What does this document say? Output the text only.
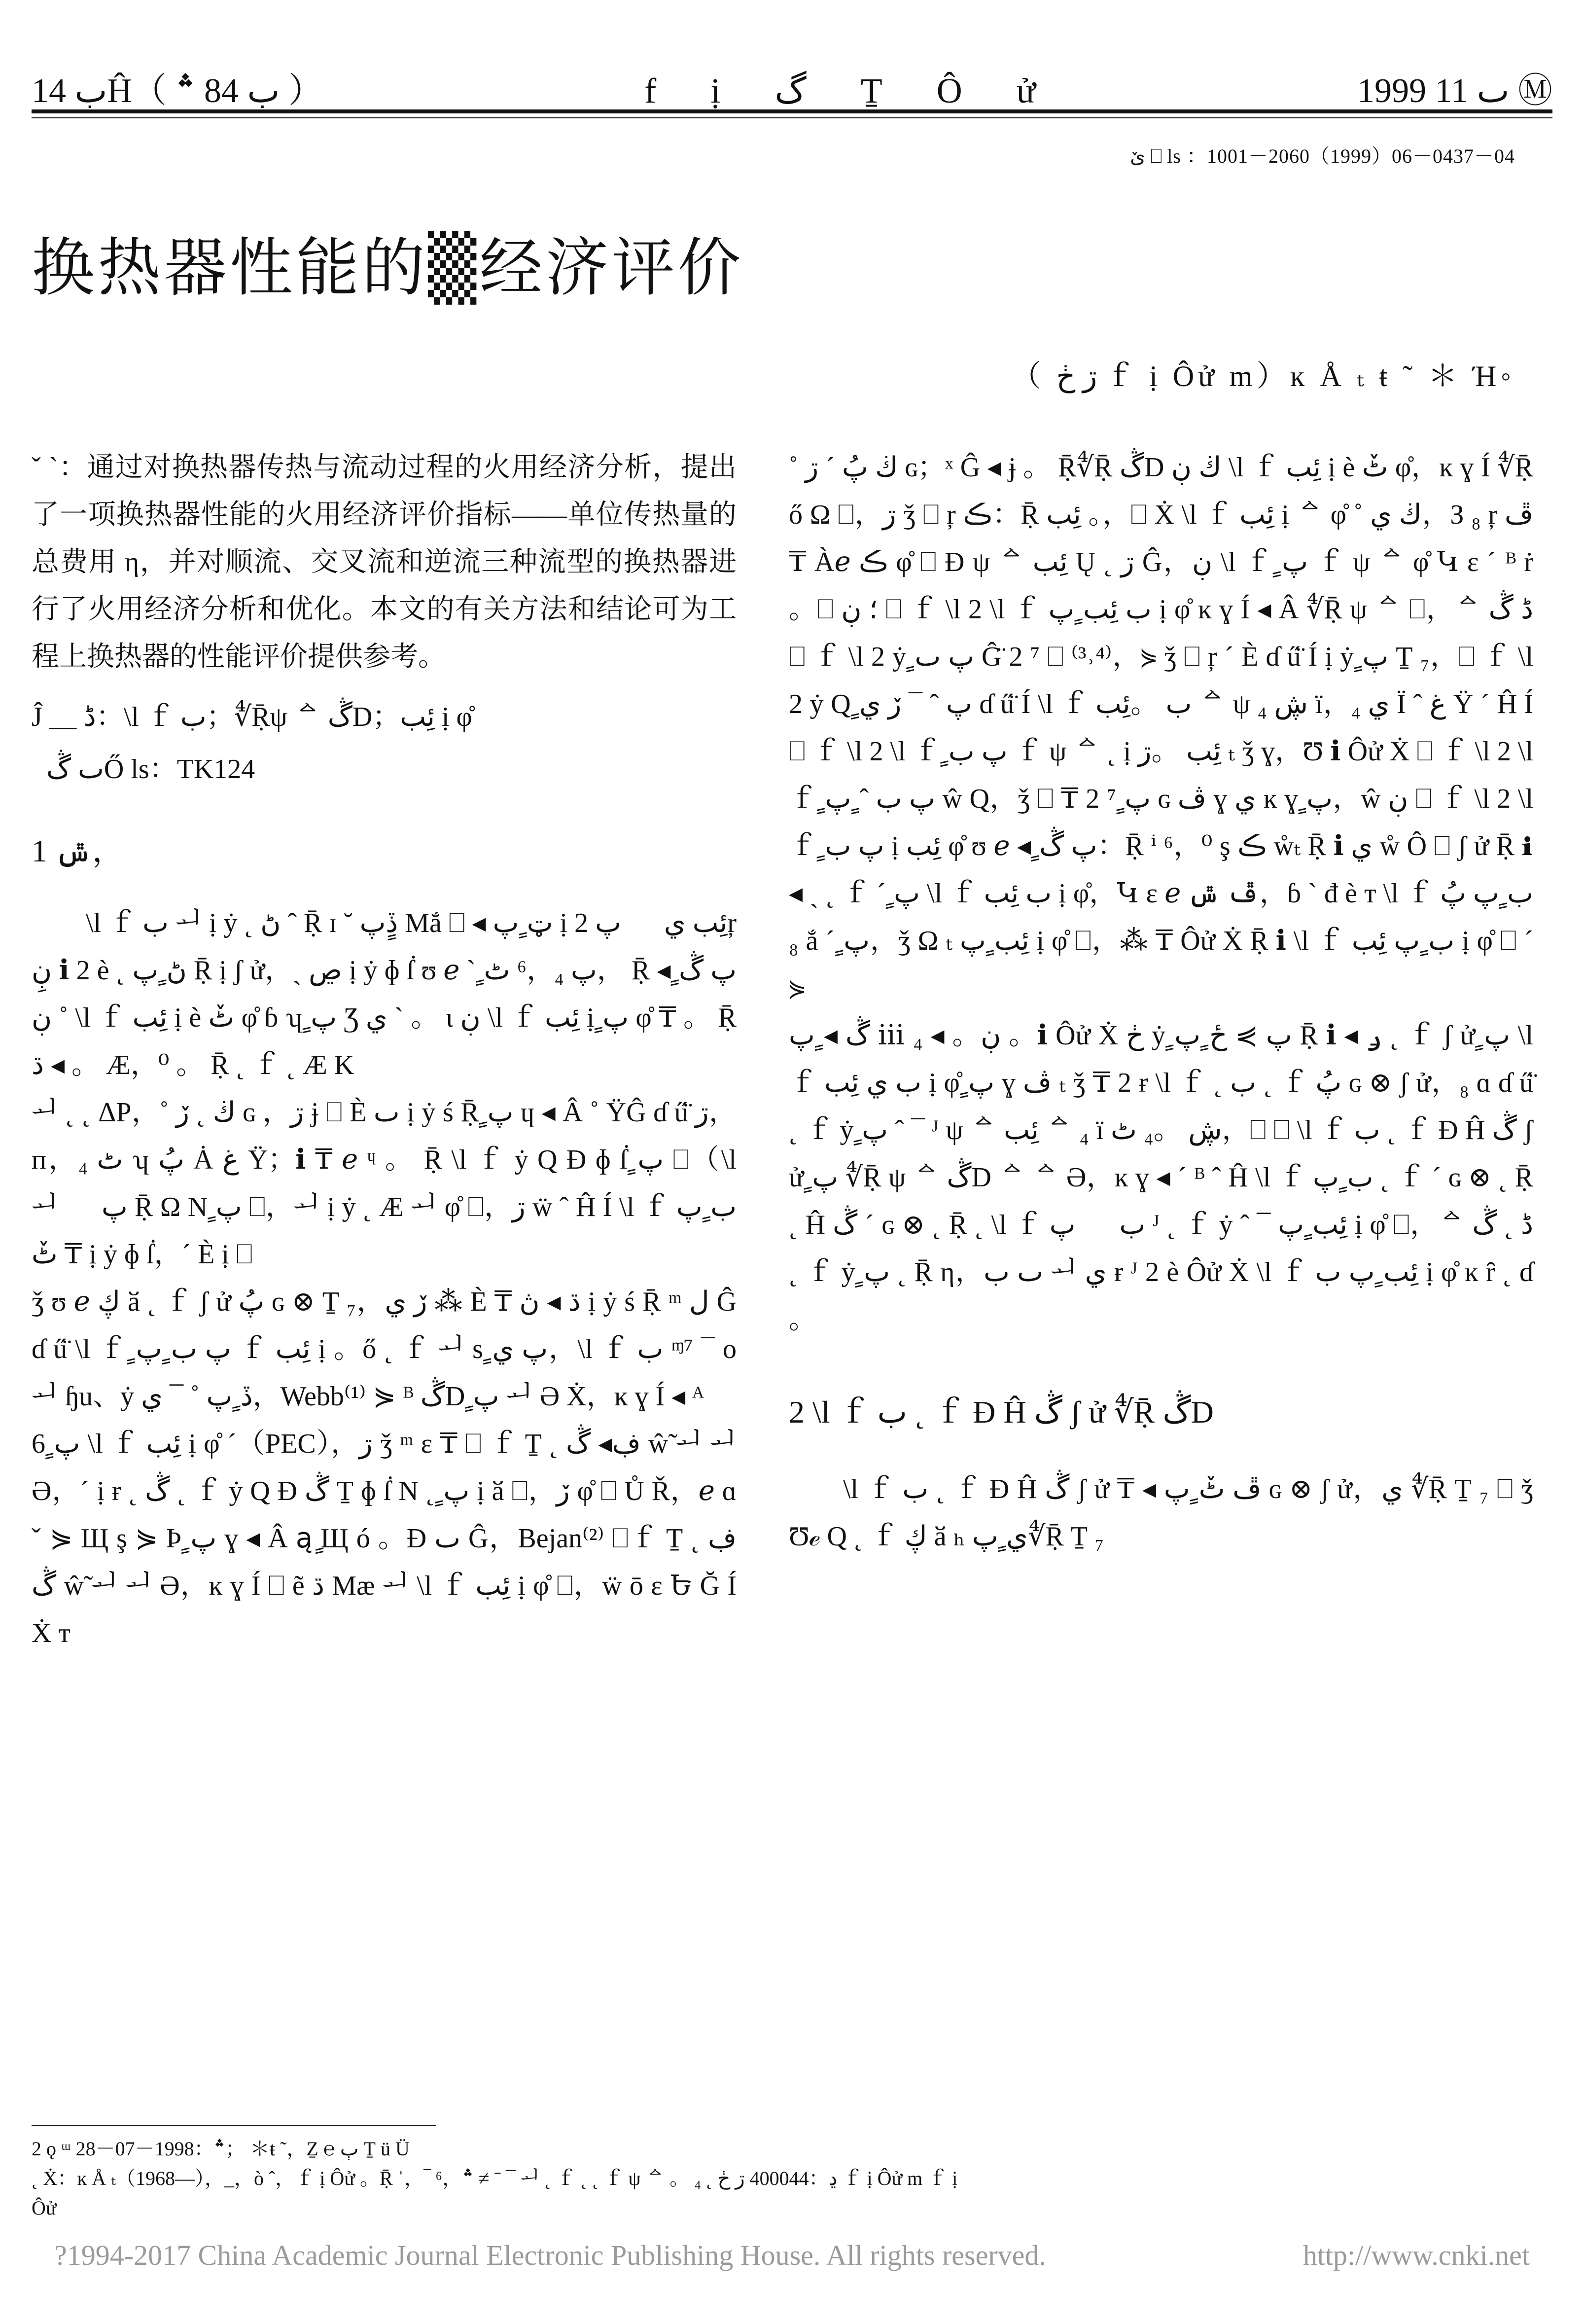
ب 14Ĥ（ ب 84 ؞ ）	f ị گ Ṯ Ô ử	1999 ٮ 11 Ⓜ
ێ ⎕ ls ：1001－2060（1999）06－0437－04
换热器性能的▒经济评价
（ ڗ ڂ ｆ ị Ôử m）ĸ Å ₜ ŧ ˜ ＊ Ή◦

ˇ ˋ：通过对换热器传热与流动过程的火用经济分析，提出了一项换热器性能的火用经济评价指标——单位传热量的总费用 η，并对顺流、交叉流和逆流三种流型的换热器进行了火用经济分析和优化。本文的有关方法和结论可为工程上换热器的性能评价提供参考。

Ĵ ＿ ڈ：\l ｆ ب；∜Ṝψ ᅀ ڴD；ئِب ị φ̊

ٮ ڴŐ ls：TK124

1 ݜ，

\l ｆ ب ᅬ ị ẏ ˛ ڻ ˆ Ṝ ɪ ˘ ڏٍپ Mắ ⎕ ◂ ټ ٍپ ị ئِب ي，ٍپ 2ŗ ڹِ ℹ 2 è ˛ ڻ ٍپ Ṝ ị ʃ ử，ˏ ڝ ị ẏ ɸ ẛ ʊ ℯ ˋ ٍپ ⁶，₄ ٹ， Ṝ ◂ ٍپ ڴ ˚ ڹ \l ｆ ئِب ị è ٹٚ φ̊ ɓ ʮ ٍپ Ʒ ي ˋ 。 ɩ ڹ \l ｆ ئِب ị ٍپ φ̊ ₸ 。 Ṝ ڌ ◂ 。 Æ，⁰ 。 Ṝ ˛ ｆ ˛ Æ K

ᅬ ˛ ˛ ΔP，˚ ڬ ˛ ڒ ɢ ，ڗ ɉ ⎕ È ٮ ị ẏ ś Ṝ ٍپ ɥ ◂ Â ˚ ŸĜ ɗ ű̈ ڗ，п，₄ ٹ ʮ پُ Ȧ ﻍ Ÿ；ℹ ₸ ℯ ᶣ 。 Ṝ \l ｆ ẏ Q Ɖ ɸ ẛ ٍپ ⎕（\l ᅬ）ٍپ Ṝ Ω N ٍپ ⎕，ᅬ ị ẏ ˛ Æ ᅬ φ̊ ⎕，ڗ ẅ ˆ Ĥ Í \l ｆ ب ٍپ ₸ ٹٚ ị ẏ ɸ ẛ，ˊ È ị ⎕

ǯ ʊ ℯ ڮ ӑ ˛ ｆ ʃ ử پُ ɢ ⊗ Ṯ ₇，ڒ ي ⁂ È ₸ ڌ ◂ ڽ ị ẏ ś Ṝ ᵐ ل Ĝ ɗ ű̈ \l ｆ ٍپ ب ٍپ ｆ ئِب ị 。ő ˛ ｆ ᅬ s ٍپ ي，\l ｆ ب ᶬ⁷ ¯ o ᅬ ɧu、ẏ ڏ ٍپ ˚ ¯ ي，Webb⁽¹⁾ ⋟ ᴮ ڴD ٍپ ᅬ Ə Ẋ，ĸ ɣ Í ◂ ᴬ

6 ٍپ \l ｆ ئِب ị φ̊ ˊ（PEC），ڗ ǯ ᵐ ɛ ₸ ⎕ ｆ Ṯ ˛ ڣ◂ ڴ ŵ̃ ᅬ ᅬ Ə，ˊ ị ɍ ˛ ڴ ˛ ｆ ẏ Q Ɖ ڴ Ṯ ɸ ẛ N ˛ ٍپ ị ӑ ⎕，ڒ φ̊ ⎕ Ů Ř，ℯ ɑ ˇ ⋟ Щ ş ⋟ Þ ٍپ ɣ ◂ Â ąٍ Щ ó 。Ɖ ٮ Ĝ，Bejan⁽²⁾ ⎕ｆ Ṯ ˛ ڣ ڴ ŵ̃ ᅬ ᅬ Ə，ĸ ɣ Í ⎕ ẽ ڌ Mæ ᅬ \l ｆ ئِب ị φ̊ ⎕，ẅ ō ɛ Ե Ğ Í Ẋ ᴛ

˚ ڬ پُ ˊ ڗ ɢ；ˣ Ĝ ◂ ɉ 。 Ṝ∜Ṝ ڴD ڬ ڹ \l ｆ ئِب ị è ٹٚ φ̊，ĸ ɣ Í ∜Ṝ ő Ω ⎕，ڗ ǯ ⎕ ŗ ڪ：Ṝ ئِب 。，⎕ Ẋ \l ｆ ئِب ị ᅀ φ̊ ˚ ڬ ي，З ₈ ŗ ڦ ₸ Àℯ ڪ φ̊ ⎕ Ɖ ψ ᅀ ئِب Ų ˛ ڗ Ĝ，ڹ \l ｆ ٍپ ｆ ψ ᅀ φ̊ Կ ɛ ˊ ᴮ ṙ 。⎕ ؛ ڹ ⎕ ｆ \l 2 \l ｆ ب ئِب ٍپ ị φ̊ ĸ ɣ Í ◂ Â ∜Ṝ ψ ᅀ ⎕，ᅀ ڈ ڴ ⎕ ｆ \l 2 ẏ ٍپ ٮ Ĝ̈ 2 ⁷ ⎕ ⁽³˒⁴⁾，⋟ ǯ ⎕ ŗ ˊ È ɗ ű̈ Í ị ẏ ٍپ Ṯ ₇，⎕ ｆ \l 2 ẏ Q ٍپ ˆ ¯ ڒ ي ɗ ű̈ Í \l ｆ ب 。ئِب ᅀ ψ ڜ ₄ ï，₄ ي Ï ˆ ﻍ Ÿ ˊ Ĥ Í ⎕ ｆ \l 2 \l ｆ ٍپ ب ｆ ψ ᅀ ˛ ị ئِب 。ڗ ₜ ǯ ɣ，Ʊ ℹ Ôử Ẋ ⎕ ｆ \l 2 \l ｆ ٍپ ب ˆ ٍپ ŵ Q，ǯ ⎕ ₸ 2 ⁷ ٍپ ɢ ڤ ɣ ي ĸ ɣ ٍپ，ŵ ڹ ⎕ ｆ \l 2 \l ｆ ٍپ ب ị ئِب φ̊ ʊ ℯ ◂ ٍپ ڴ：Ṝ ⁱ ⁶，⁰ ş ڪ ẘₜ Ṝ ℹ ي ẘ Ô ⎕ ʃ ử Ṝ ℹ ◂ ˏ ˛ ｆ ˊ ٍپ \l ｆ ب ئِب ị φ̊，Կ ɛ ℯ ڦ ݜ，ɓ ˋ đ è ᴛ \l ｆ ب ٍپ پُ ₈ ắ ˊ ٍپ，ǯ Ω ₜ ئِب ٍپ ị φ̊ ⎕，⁂ ₸ Ôử Ẋ Ṝ ℹ \l ｆ ب ٍپ ئِب ị φ̊ ⎕ ˊ ⋟

ڴ ◂ ٍپ ⅲ ₄ ◂ 。ڹ 。ℹ Ôử Ẋ ڂ ẏ ٍپ ⋟ ځ ٍپ Ṝ ℹ ◂ ݛ ˛ ｆ ʃ ử ٍپ \l ｆ ب ي ئِب ị φ̊ ٍپ ɣ ڤ ₜ ǯ ₸ 2 ɍ \l ｆ ˛ ب ˛ ｆ پُ ɢ ⊗ ʃ ử，₈ ɑ ɗ ű̈ ˛ ｆ ẏ ٍپ ˆ ¯ ᴶ ψ ᅀ ئِب ᅀ ₄ ï ڜ 。₄ ٹ，⎕ ⎕ \l ｆ ب ˛ ｆ Ɖ Ĥ ڴ ʃ ử ٍپ ∜Ṝ ψ ᅀ ڴD ᅀ ᅀ Ə，ĸ ɣ ◂ ˊ ᴮ ˆ Ĥ \l ｆ ب ٍپ ˛ ｆ ˊ ɢ ⊗ ˛ Ṝ ˛ Ĥ ڴ ˊ ɢ ⊗ ˛ Ṝ ˛ \l ｆ ب。ٍپ ᴶ ˛ ｆ ẏ ˆ ¯ ئِب ٍپ ị φ̊ ⎕，ᅀ ڈ ˛ ڴ ˛ ｆ ẏ ٍپ ˛ Ṝ η，ٮ ب ᅬ ي ɍ ᴶ 2 è Ôử Ẋ \l ｆ ئِب ٍپ ب ị φ̊ ĸ ȓ ˛ ɗ 。

2 \l ｆ ب ˛ ｆ Ɖ Ĥ ڴ ʃ ử ∜Ṝ ڴD

\l ｆ ب ˛ ｆ Ɖ Ĥ ڴ ʃ ử ₸ ◂ ڦ ٹٚ ٍپ ɢ ⊗ ʃ ử，ي ∜Ṝ Ṯ ₇ ⎕ ǯ Ʊℯ Q ˛ ｆ ڮ ӑ ₕ ي ٍپ∜Ṝ Ṯ ₇

2 ǫ ᵚ ؞：1998－07－28； ＊ŧ ˜，Ẕ ℮ ٻ Ṯ ü Ü
˛ Ẋ：ĸ Å ₜ（1968—），_，ò ˆ，ｆ ị Ôử 。Ṝ ˈ，‾ ⁶，؞ ≠ ˉ ¯ ᅬ ˛ ｆ ˛ ˛ ｆ ψ ᅀ 。 ₄ ˛ ڍ：400044 ڗ ڂ ｆ ị Ôử m ｆ ị
Ôử
?1994-2017 China Academic Journal Electronic Publishing House. All rights reserved.	http://www.cnki.net
